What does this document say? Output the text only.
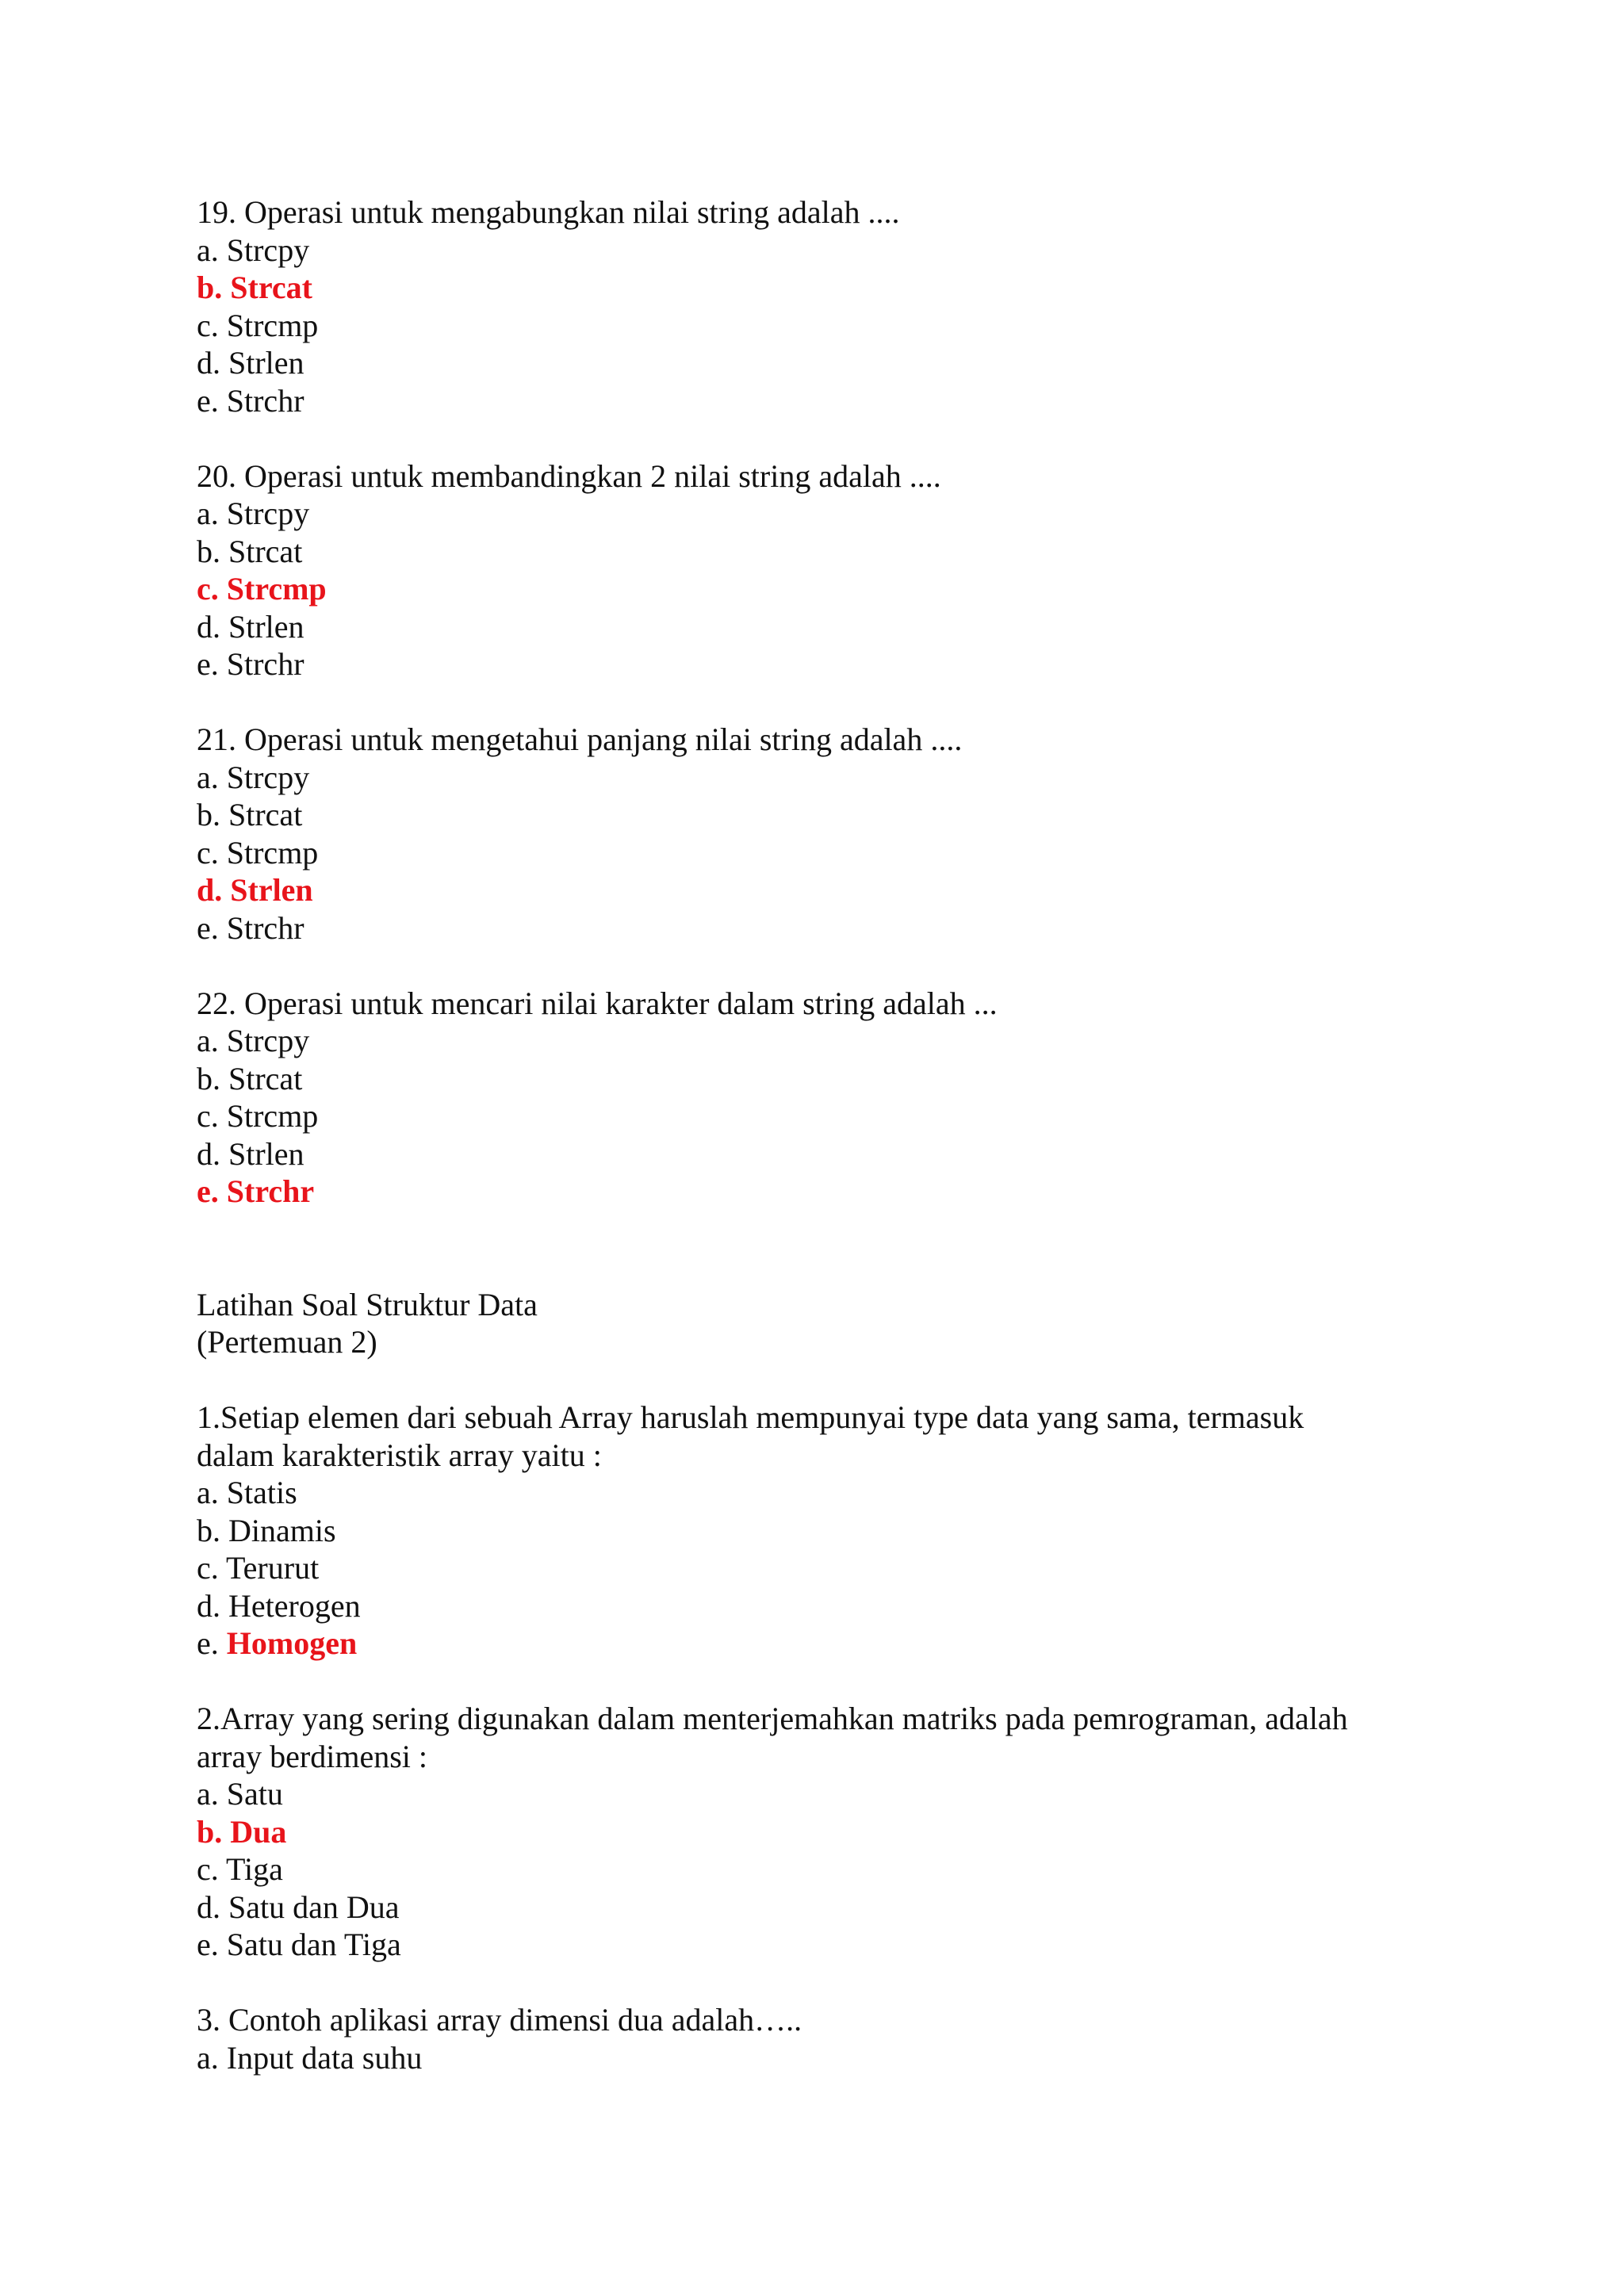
19. Operasi untuk mengabungkan nilai string adalah ....
a. Strcpy
b. Strcat
c. Strcmp
d. Strlen
e. Strchr
20. Operasi untuk membandingkan 2 nilai string adalah ....
a. Strcpy
b. Strcat
c. Strcmp
d. Strlen
e. Strchr
21. Operasi untuk mengetahui panjang nilai string adalah ....
a. Strcpy
b. Strcat
c. Strcmp
d. Strlen
e. Strchr
22. Operasi untuk mencari nilai karakter dalam string adalah ...
a. Strcpy
b. Strcat
c. Strcmp
d. Strlen
e. Strchr
Latihan Soal Struktur Data
(Pertemuan 2)
1.Setiap elemen dari sebuah Array haruslah mempunyai type data yang sama, termasuk
dalam karakteristik array yaitu :
a. Statis
b. Dinamis
c. Terurut
d. Heterogen
e. Homogen
2.Array yang sering digunakan dalam menterjemahkan matriks pada pemrograman, adalah
array berdimensi :
a. Satu
b. Dua
c. Tiga
d. Satu dan Dua
e. Satu dan Tiga
3. Contoh aplikasi array dimensi dua adalah…..
a. Input data suhu
